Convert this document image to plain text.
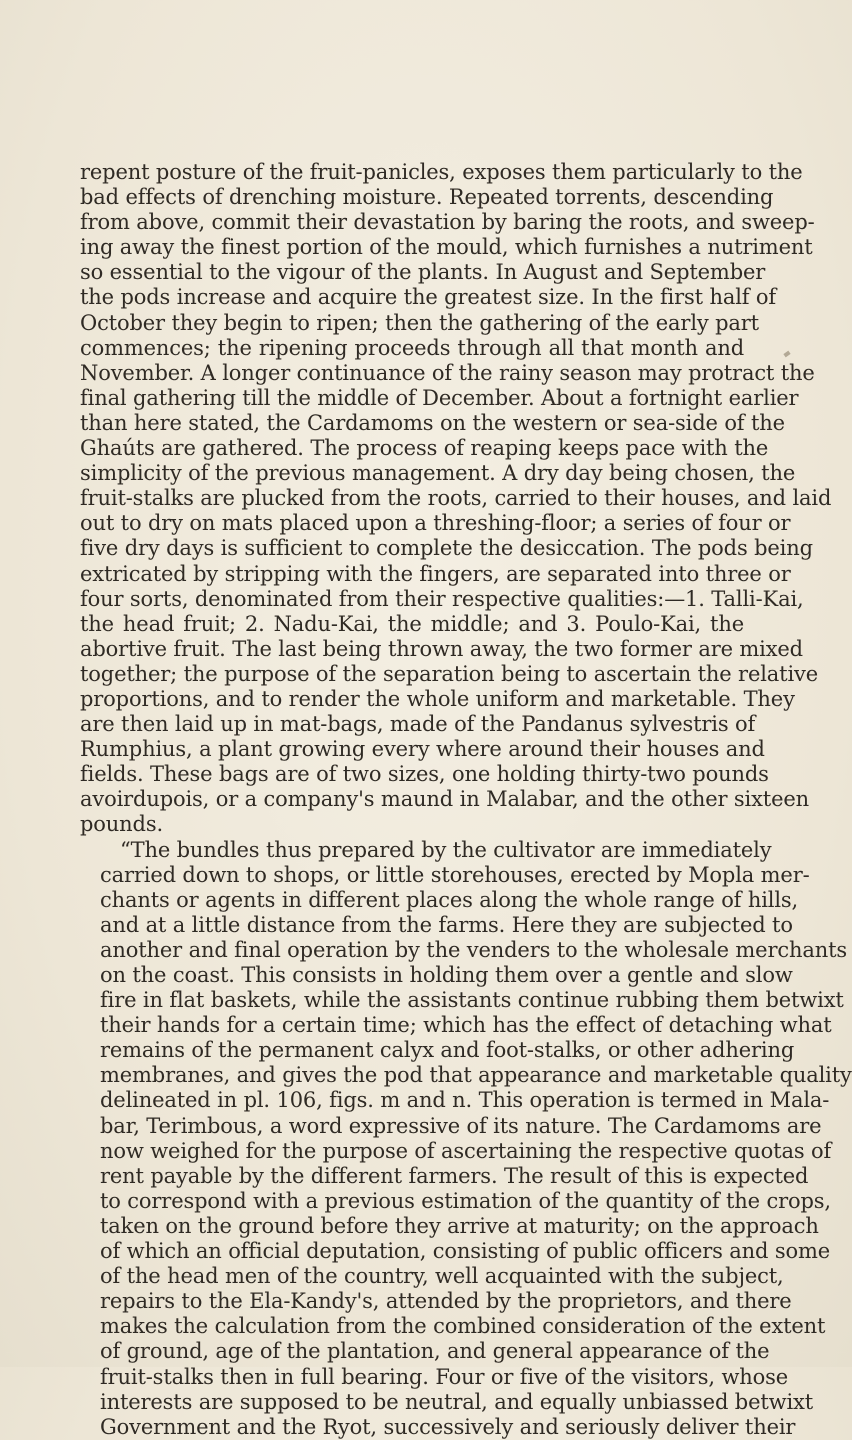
repent posture of the fruit-panicles, exposes them particularly to the
bad effects of drenching moisture. Repeated torrents, descending
from above, commit their devastation by baring the roots, and sweep-
ing away the finest portion of the mould, which furnishes a nutriment
so essential to the vigour of the plants. In August and September
the pods increase and acquire the greatest size. In the first half of
October they begin to ripen; then the gathering of the early part
commences; the ripening proceeds through all that month and
November. A longer continuance of the rainy season may protract the
final gathering till the middle of December. About a fortnight earlier
than here stated, the Cardamoms on the western or sea-side of the
Ghaúts are gathered. The process of reaping keeps pace with the
simplicity of the previous management. A dry day being chosen, the
fruit-stalks are plucked from the roots, carried to their houses, and laid
out to dry on mats placed upon a threshing-floor; a series of four or
five dry days is sufficient to complete the desiccation. The pods being
extricated by stripping with the fingers, are separated into three or
four sorts, denominated from their respective qualities:—1. Talli-Kai,
the head fruit; 2. Nadu-Kai, the middle; and 3. Poulo-Kai, the
abortive fruit. The last being thrown away, the two former are mixed
together; the purpose of the separation being to ascertain the relative
proportions, and to render the whole uniform and marketable. They
are then laid up in mat-bags, made of the Pandanus sylvestris of
Rumphius, a plant growing every where around their houses and
fields. These bags are of two sizes, one holding thirty-two pounds
avoirdupois, or a company's maund in Malabar, and the other sixteen
pounds.

“The bundles thus prepared by the cultivator are immediately
carried down to shops, or little storehouses, erected by Mopla mer-
chants or agents in different places along the whole range of hills,
and at a little distance from the farms. Here they are subjected to
another and final operation by the venders to the wholesale merchants
on the coast. This consists in holding them over a gentle and slow
fire in flat baskets, while the assistants continue rubbing them betwixt
their hands for a certain time; which has the effect of detaching what
remains of the permanent calyx and foot-stalks, or other adhering
membranes, and gives the pod that appearance and marketable quality
delineated in pl. 106, figs. m and n. This operation is termed in Mala-
bar, Terimbous, a word expressive of its nature. The Cardamoms are
now weighed for the purpose of ascertaining the respective quotas of
rent payable by the different farmers. The result of this is expected
to correspond with a previous estimation of the quantity of the crops,
taken on the ground before they arrive at maturity; on the approach
of which an official deputation, consisting of public officers and some
of the head men of the country, well acquainted with the subject,
repairs to the Ela-Kandy's, attended by the proprietors, and there
makes the calculation from the combined consideration of the extent
of ground, age of the plantation, and general appearance of the
fruit-stalks then in full bearing. Four or five of the visitors, whose
interests are supposed to be neutral, and equally unbiassed betwixt
Government and the Ryot, successively and seriously deliver their
